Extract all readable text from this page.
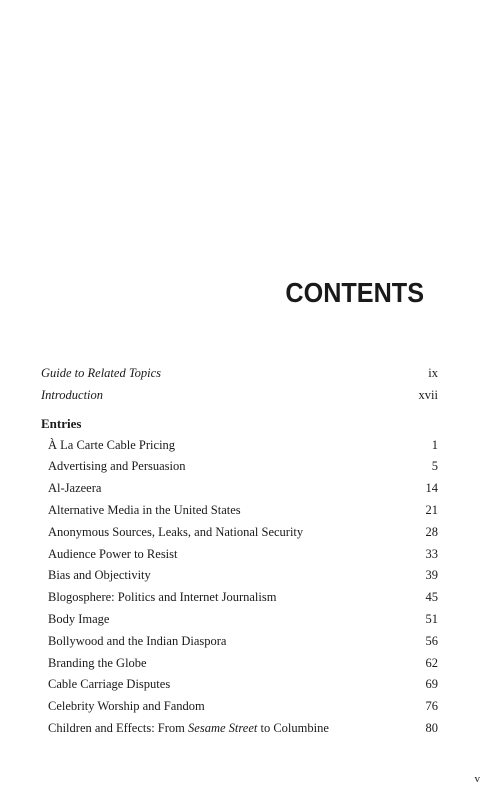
CONTENTS
Guide to Related Topics	ix
Introduction	xvii
Entries
À La Carte Cable Pricing	1
Advertising and Persuasion	5
Al-Jazeera	14
Alternative Media in the United States	21
Anonymous Sources, Leaks, and National Security	28
Audience Power to Resist	33
Bias and Objectivity	39
Blogosphere: Politics and Internet Journalism	45
Body Image	51
Bollywood and the Indian Diaspora	56
Branding the Globe	62
Cable Carriage Disputes	69
Celebrity Worship and Fandom	76
Children and Effects: From Sesame Street to Columbine	80
v
